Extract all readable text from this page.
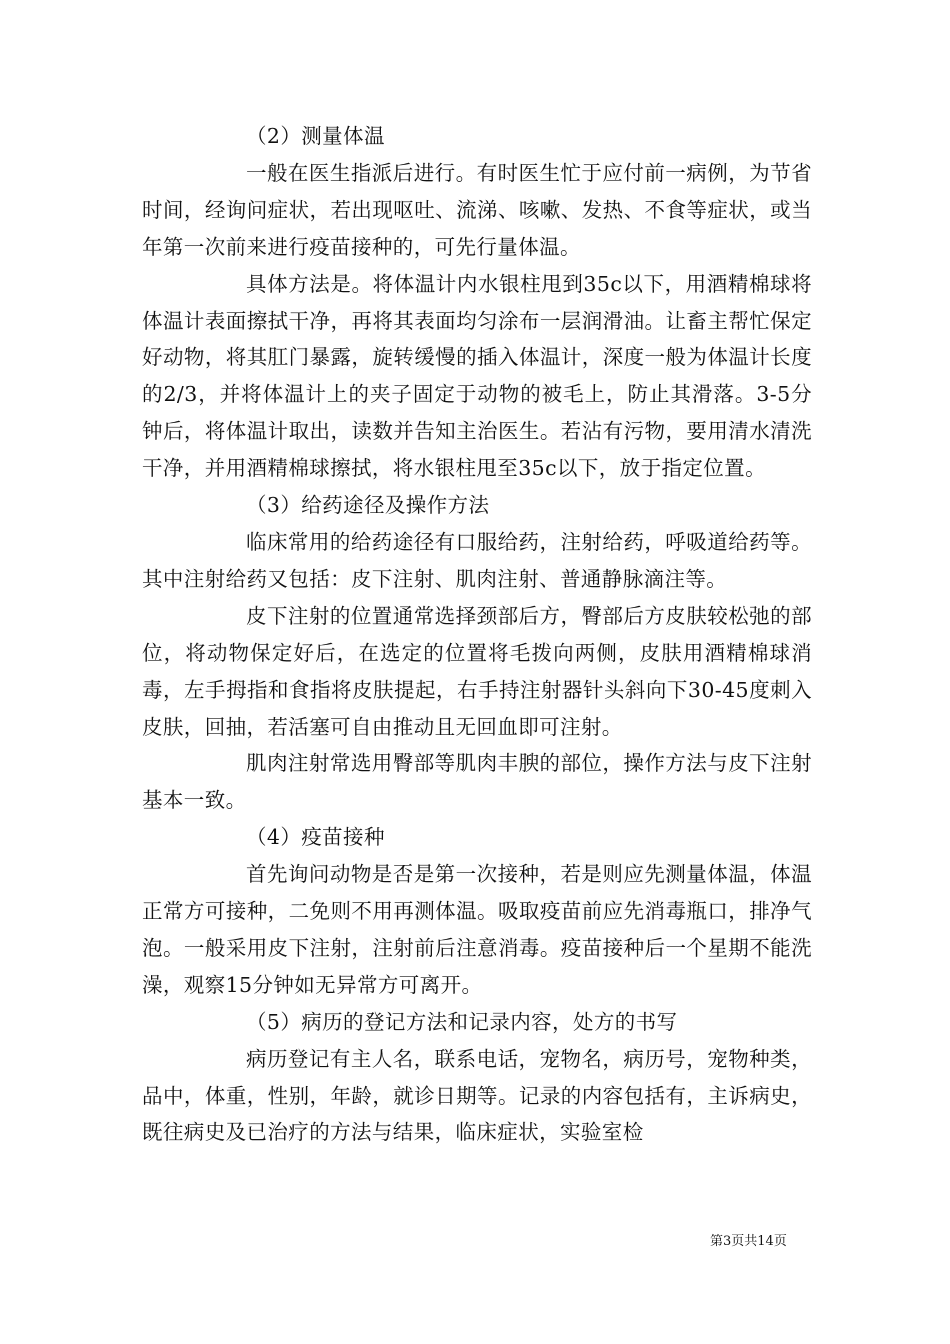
（2）测量体温

一般在医生指派后进行。有时医生忙于应付前一病例，为节省时间，经询问症状，若出现呕吐、流涕、咳嗽、发热、不食等症状，或当年第一次前来进行疫苗接种的，可先行量体温。

具体方法是。将体温计内水银柱甩到35c以下，用酒精棉球将体温计表面擦拭干净，再将其表面均匀涂布一层润滑油。让畜主帮忙保定好动物，将其肛门暴露，旋转缓慢的插入体温计，深度一般为体温计长度的2/3，并将体温计上的夹子固定于动物的被毛上，防止其滑落。3-5分钟后，将体温计取出，读数并告知主治医生。若沾有污物，要用清水清洗干净，并用酒精棉球擦拭，将水银柱甩至35c以下，放于指定位置。

（3）给药途径及操作方法

临床常用的给药途径有口服给药，注射给药，呼吸道给药等。其中注射给药又包括：皮下注射、肌肉注射、普通静脉滴注等。

皮下注射的位置通常选择颈部后方，臀部后方皮肤较松弛的部位，将动物保定好后，在选定的位置将毛拨向两侧，皮肤用酒精棉球消毒，左手拇指和食指将皮肤提起，右手持注射器针头斜向下30-45度刺入皮肤，回抽，若活塞可自由推动且无回血即可注射。

肌肉注射常选用臀部等肌肉丰腴的部位，操作方法与皮下注射基本一致。

（4）疫苗接种

首先询问动物是否是第一次接种，若是则应先测量体温，体温正常方可接种，二免则不用再测体温。吸取疫苗前应先消毒瓶口，排净气泡。一般采用皮下注射，注射前后注意消毒。疫苗接种后一个星期不能洗澡，观察15分钟如无异常方可离开。

（5）病历的登记方法和记录内容，处方的书写

病历登记有主人名，联系电话，宠物名，病历号，宠物种类，品中，体重，性别，年龄，就诊日期等。记录的内容包括有，主诉病史，既往病史及已治疗的方法与结果，临床症状，实验室检

第3页共14页
